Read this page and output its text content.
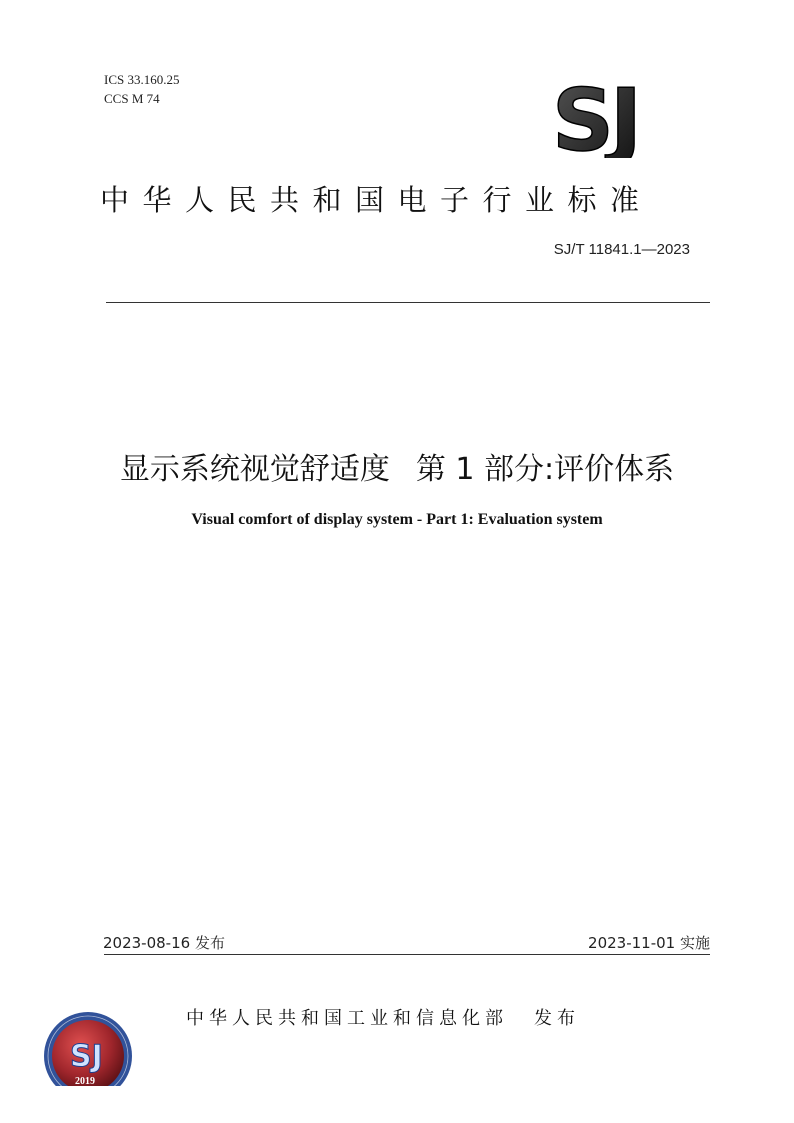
ICS 33.160.25
CCS M 74	SJ
中华人民共和国电子行业标准
SJ/T 11841.1—2023
显示系统视觉舒适度 第 1 部分:评价体系
Visual comfort of display system - Part 1: Evaluation system
2023-08-16 发布	2023-11-01 实施
中华人民共和国工业和信息化部 发布
SJ
2019
